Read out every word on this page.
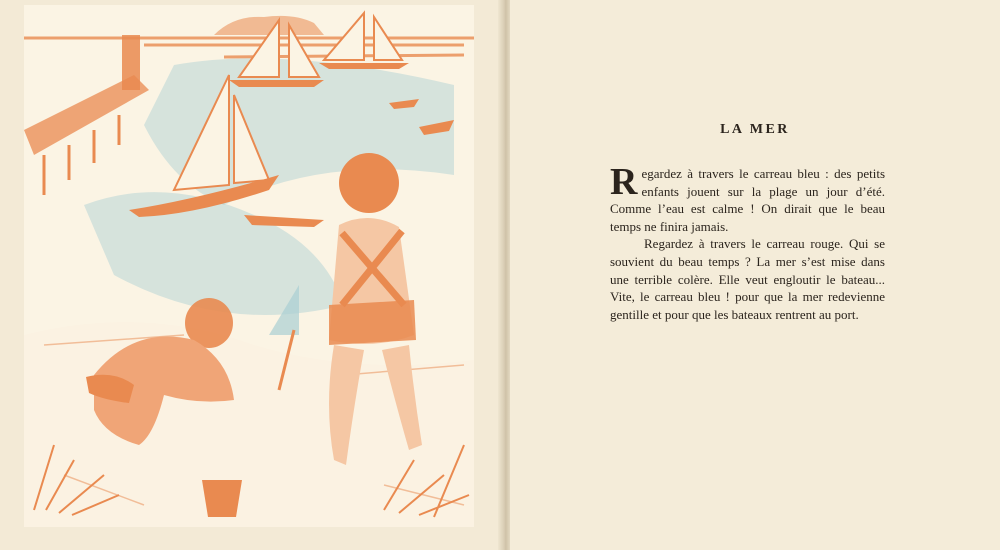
LA MER

Regardez à travers le carreau bleu : des petits enfants jouent sur la plage un jour d’été. Comme l’eau est calme ! On dirait que le beau temps ne finira jamais.

Regardez à travers le carreau rouge. Qui se souvient du beau temps ? La mer s’est mise dans une terrible colère. Elle veut engloutir le bateau... Vite, le carreau bleu ! pour que la mer redevienne gentille et pour que les bateaux rentrent au port.
